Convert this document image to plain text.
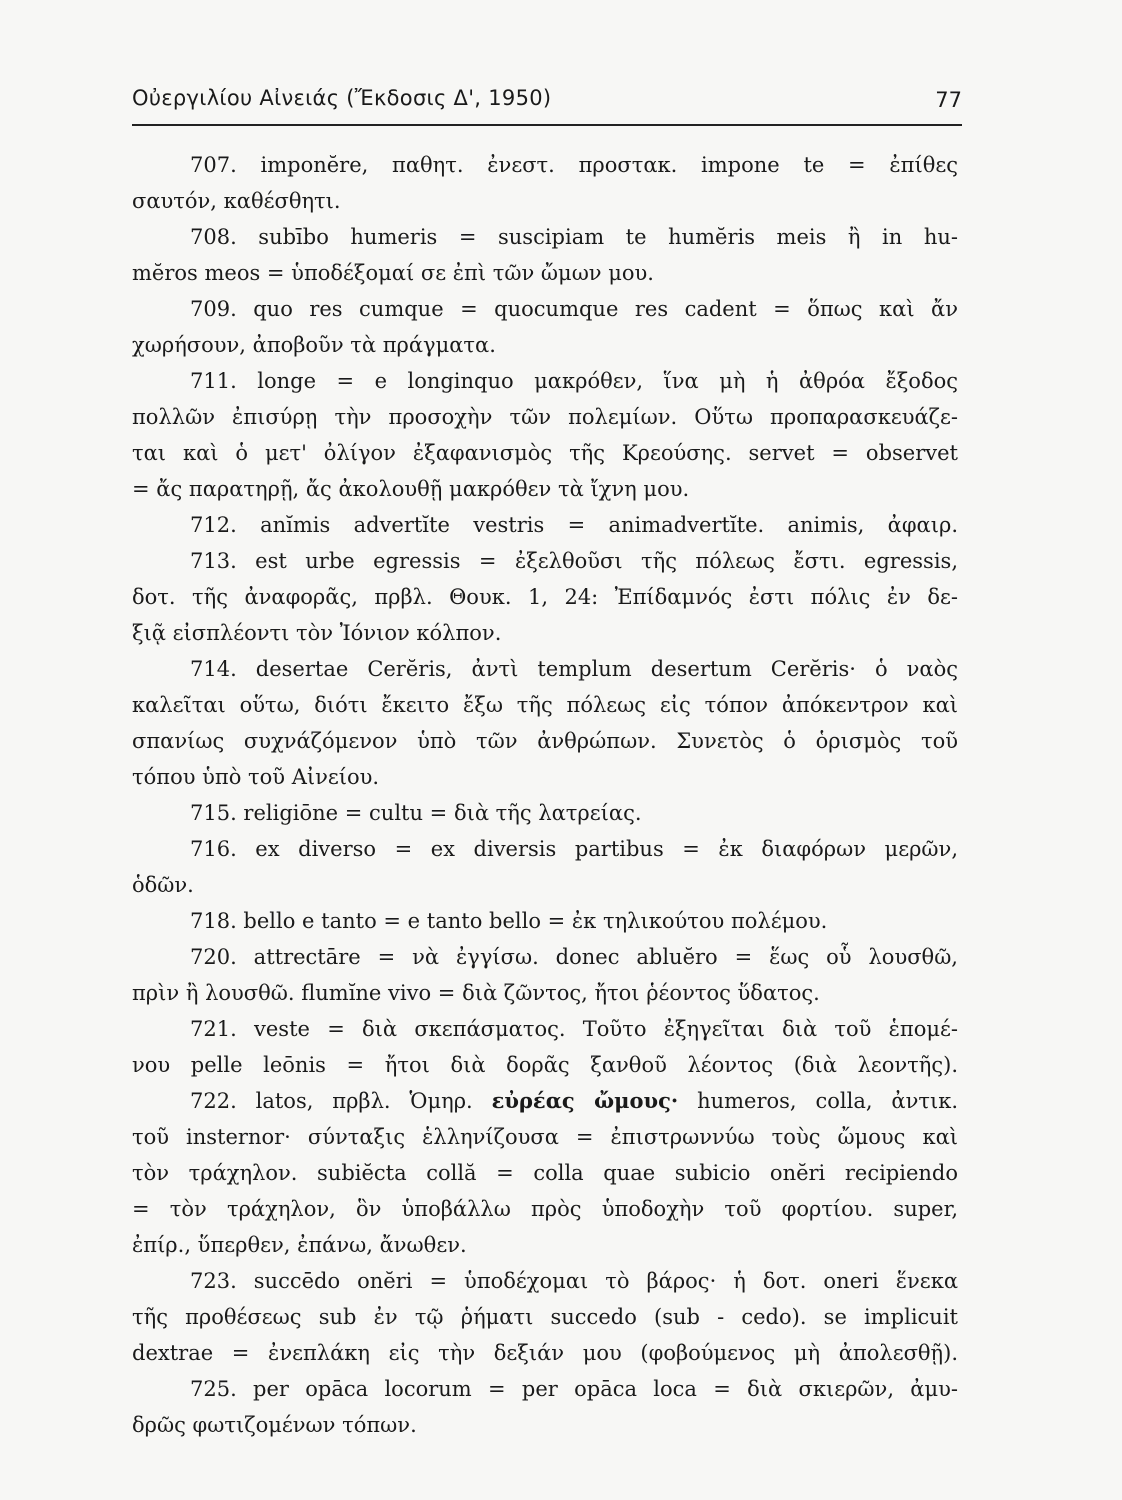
Οὐεργιλίου Αἰνειάς (Ἔκδοσις Δ', 1950)	77
707. imponĕre, παθητ. ἐνεστ. προστακ. impone te = ἐπίθες
σαυτόν, καθέσθητι.
708. subībo humeris = suscipiam te humĕris meis ἢ in hu-
mĕros meos = ὑποδέξομαί σε ἐπὶ τῶν ὤμων μου.
709. quo res cumque = quocumque res cadent = ὅπως καὶ ἄν
χωρήσουν, ἀποβοῦν τὰ πράγματα.
711. longe = e longinquo μακρόθεν, ἵνα μὴ ἡ ἀθρόα ἔξοδος
πολλῶν ἐπισύρῃ τὴν προσοχὴν τῶν πολεμίων. Οὕτω προπαρασκευάζε-
ται καὶ ὁ μετ' ὀλίγον ἐξαφανισμὸς τῆς Κρεούσης. servet = observet
= ἄς παρατηρῇ, ἄς ἀκολουθῇ μακρόθεν τὰ ἴχνη μου.
712. anĭmis advertĭte vestris = animadvertĭte. animis, ἀφαιρ.
713. est urbe egressis = ἐξελθοῦσι τῆς πόλεως ἔστι. egressis,
δοτ. τῆς ἀναφορᾶς, πρβλ. Θουκ. 1, 24: Ἐπίδαμνός ἐστι πόλις ἐν δε-
ξιᾷ εἰσπλέοντι τὸν Ἰόνιον κόλπον.
714. desertae Cerĕris, ἀντὶ templum desertum Cerĕris· ὁ ναὸς
καλεῖται οὕτω, διότι ἔκειτο ἔξω τῆς πόλεως εἰς τόπον ἀπόκεντρον καὶ
σπανίως συχνάζόμενον ὑπὸ τῶν ἀνθρώπων. Συνετὸς ὁ ὁρισμὸς τοῦ
τόπου ὑπὸ τοῦ Αἰνείου.
715. religiōne = cultu = διὰ τῆς λατρείας.
716. ex diverso = ex diversis partibus = ἐκ διαφόρων μερῶν,
ὁδῶν.
718. bello e tanto = e tanto bello = ἐκ τηλικούτου πολέμου.
720. attrectāre = νὰ ἐγγίσω. donec abluĕro = ἕως οὗ λουσθῶ,
πρὶν ἢ λουσθῶ. flumĭne vivo = διὰ ζῶντος, ἤτοι ῥέοντος ὕδατος.
721. veste = διὰ σκεπάσματος. Τοῦτο ἐξηγεῖται διὰ τοῦ ἑπομέ-
νου pelle leōnis = ἤτοι διὰ δορᾶς ξανθοῦ λέοντος (διὰ λεοντῆς).
722. latos, πρβλ. Ὁμηρ. εὐρέας ὤμους· humeros, colla, ἀντικ.
τοῦ insternor· σύνταξις ἑλληνίζουσα = ἐπιστρωννύω τοὺς ὤμους καὶ
τὸν τράχηλον. subiĕcta collă = colla quae subicio onĕri recipiendo
= τὸν τράχηλον, ὃν ὑποβάλλω πρὸς ὑποδοχὴν τοῦ φορτίου. super,
ἐπίρ., ὕπερθεν, ἐπάνω, ἄνωθεν.
723. succēdo onĕri = ὑποδέχομαι τὸ βάρος· ἡ δοτ. oneri ἕνεκα
τῆς προθέσεως sub ἐν τῷ ῥήματι succedo (sub - cedo). se implicuit
dextrae = ἐνεπλάκη εἰς τὴν δεξιάν μου (φοβούμενος μὴ ἀπολεσθῇ).
725. per opāca locorum = per opāca loca = διὰ σκιερῶν, ἀμυ-
δρῶς φωτιζομένων τόπων.
